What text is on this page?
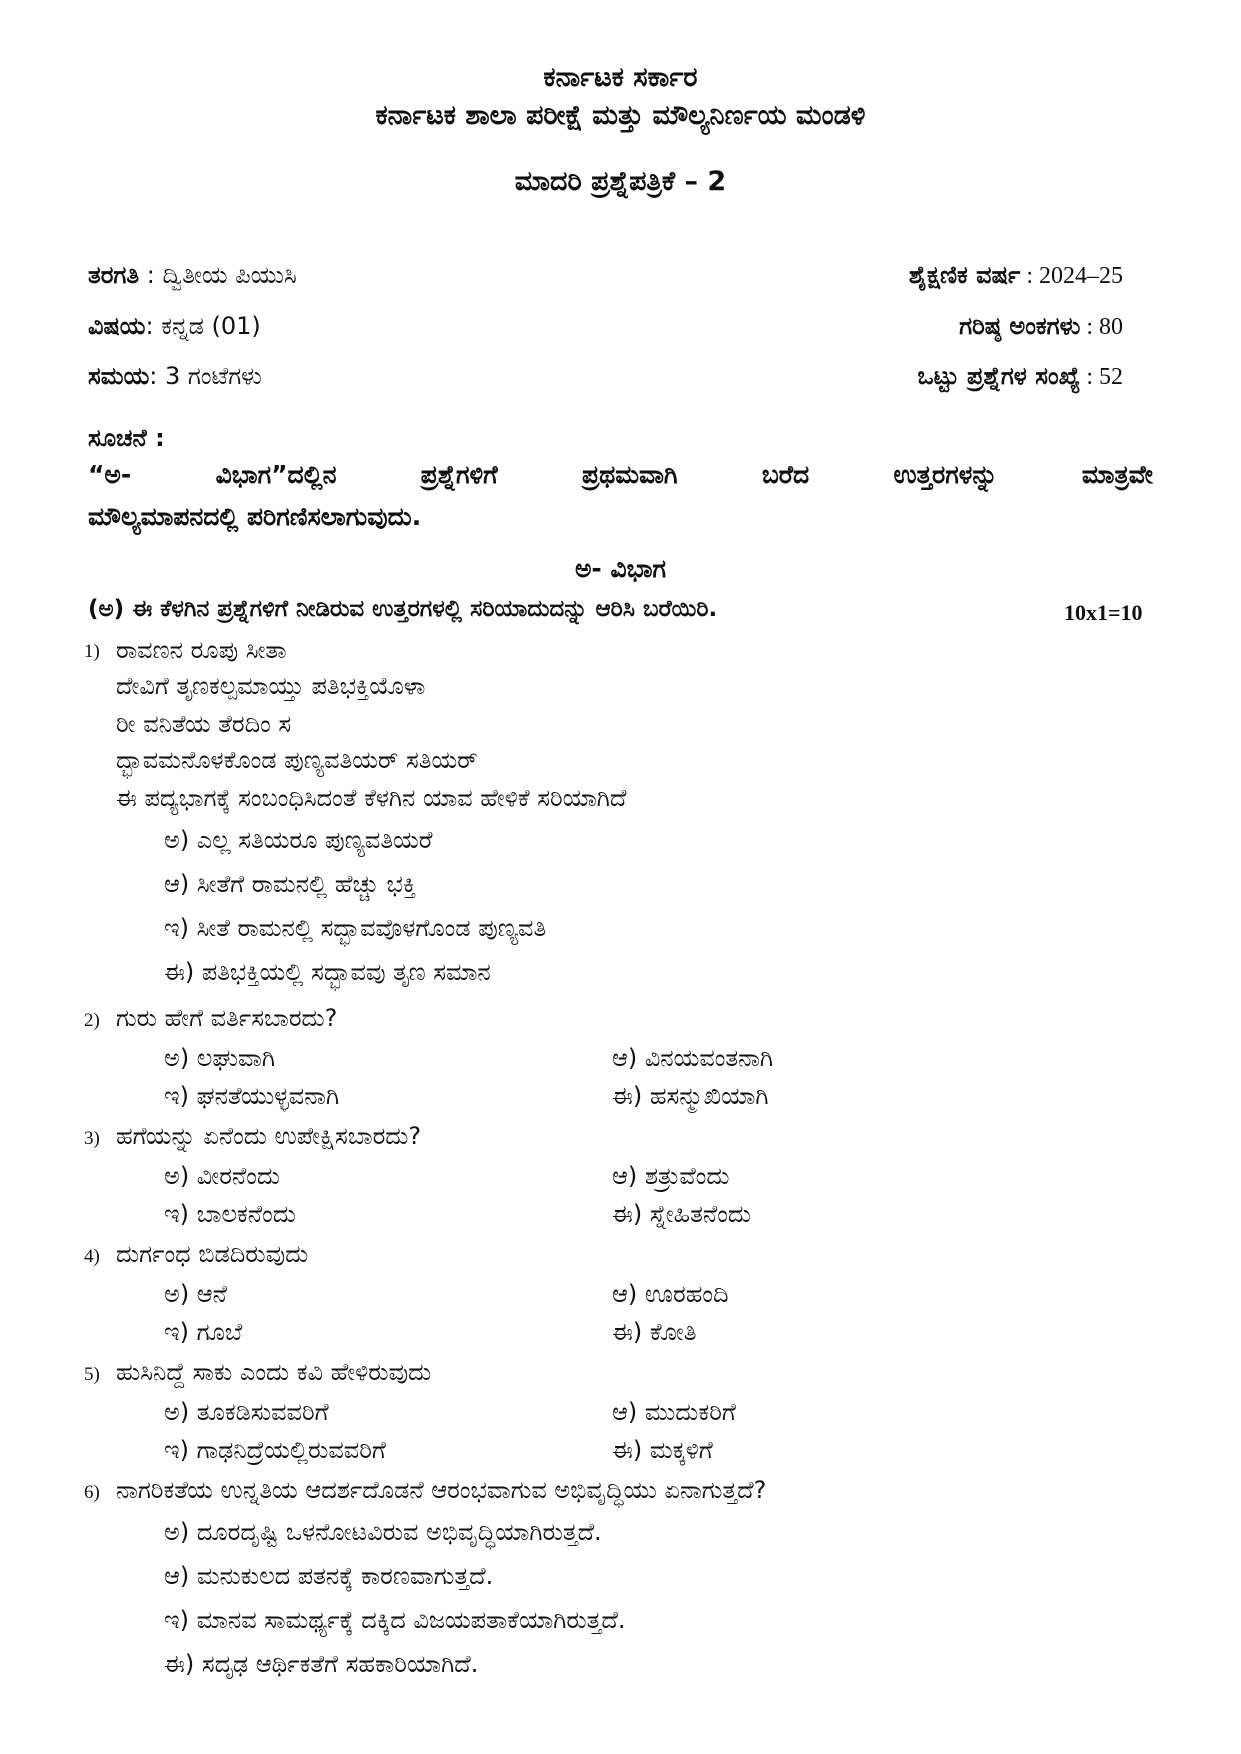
ಕರ್ನಾಟಕ ಸರ್ಕಾರ
ಕರ್ನಾಟಕ ಶಾಲಾ ಪರೀಕ್ಷೆ ಮತ್ತು ಮೌಲ್ಯನಿರ್ಣಯ ಮಂಡಳಿ
ಮಾದರಿ ಪ್ರಶ್ನೆಪತ್ರಿಕೆ – 2
ತರಗತಿ : ದ್ವಿತೀಯ ಪಿಯುಸಿ	ಶೈಕ್ಷಣಿಕ ವರ್ಷ : 2024–25
ವಿಷಯ: ಕನ್ನಡ (01)	ಗರಿಷ್ಠ ಅಂಕಗಳು : 80
ಸಮಯ: 3 ಗಂಟೆಗಳು	ಒಟ್ಟು ಪ್ರಶ್ನೆಗಳ ಸಂಖ್ಯೆ : 52
ಸೂಚನೆ :
“ಅ- ವಿಭಾಗ”ದಲ್ಲಿನ ಪ್ರಶ್ನೆಗಳಿಗೆ ಪ್ರಥಮವಾಗಿ ಬರೆದ ಉತ್ತರಗಳನ್ನು ಮಾತ್ರವೇ
ಮೌಲ್ಯಮಾಪನದಲ್ಲಿ ಪರಿಗಣಿಸಲಾಗುವುದು.
ಅ- ವಿಭಾಗ
(ಅ) ಈ ಕೆಳಗಿನ ಪ್ರಶ್ನೆಗಳಿಗೆ ನೀಡಿರುವ ಉತ್ತರಗಳಲ್ಲಿ ಸರಿಯಾದುದನ್ನು ಆರಿಸಿ ಬರೆಯಿರಿ.	10x1=10
1) ರಾವಣನ ರೂಪು ಸೀತಾ
ದೇವಿಗೆ ತೃಣಕಲ್ಪಮಾಯ್ತು ಪತಿಭಕ್ತಿಯೊಳಾ
ರೀ ವನಿತೆಯ ತೆರದಿಂ ಸ
ದ್ಭಾವಮನೊಳಕೊಂಡ ಪುಣ್ಯವತಿಯರ್ ಸತಿಯರ್
ಈ ಪದ್ಯಭಾಗಕ್ಕೆ ಸಂಬಂಧಿಸಿದಂತೆ ಕೆಳಗಿನ ಯಾವ ಹೇಳಿಕೆ ಸರಿಯಾಗಿದೆ
ಅ) ಎಲ್ಲ ಸತಿಯರೂ ಪುಣ್ಯವತಿಯರೆ
ಆ) ಸೀತೆಗೆ ರಾಮನಲ್ಲಿ ಹೆಚ್ಚು ಭಕ್ತಿ
ಇ) ಸೀತೆ ರಾಮನಲ್ಲಿ ಸದ್ಭಾವವೊಳಗೊಂಡ ಪುಣ್ಯವತಿ
ಈ) ಪತಿಭಕ್ತಿಯಲ್ಲಿ ಸದ್ಭಾವವು ತೃಣ ಸಮಾನ
2) ಗುರು ಹೇಗೆ ವರ್ತಿಸಬಾರದು?
ಅ) ಲಘುವಾಗಿ	ಆ) ವಿನಯವಂತನಾಗಿ
ಇ) ಘನತೆಯುಳ್ಳವನಾಗಿ	ಈ) ಹಸನ್ಮುಖಿಯಾಗಿ
3) ಹಗೆಯನ್ನು ಏನೆಂದು ಉಪೇಕ್ಷಿಸಬಾರದು?
ಅ) ವೀರನೆಂದು	ಆ) ಶತ್ರುವೆಂದು
ಇ) ಬಾಲಕನೆಂದು	ಈ) ಸ್ನೇಹಿತನೆಂದು
4) ದುರ್ಗಂಧ ಬಿಡದಿರುವುದು
ಅ) ಆನೆ	ಆ) ಊರಹಂದಿ
ಇ) ಗೂಬೆ	ಈ) ಕೋತಿ
5) ಹುಸಿನಿದ್ದೆ ಸಾಕು ಎಂದು ಕವಿ ಹೇಳಿರುವುದು
ಅ) ತೂಕಡಿಸುವವರಿಗೆ	ಆ) ಮುದುಕರಿಗೆ
ಇ) ಗಾಢನಿದ್ರೆಯಲ್ಲಿರುವವರಿಗೆ	ಈ) ಮಕ್ಕಳಿಗೆ
6) ನಾಗರಿಕತೆಯ ಉನ್ನತಿಯ ಆದರ್ಶದೊಡನೆ ಆರಂಭವಾಗುವ ಅಭಿವೃದ್ಧಿಯು ಏನಾಗುತ್ತದೆ?
ಅ) ದೂರದೃಷ್ಟಿ ಒಳನೋಟವಿರುವ ಅಭಿವೃದ್ಧಿಯಾಗಿರುತ್ತದೆ.
ಆ) ಮನುಕುಲದ ಪತನಕ್ಕೆ ಕಾರಣವಾಗುತ್ತದೆ.
ಇ) ಮಾನವ ಸಾಮರ್ಥ್ಯಕ್ಕೆ ದಕ್ಕಿದ ವಿಜಯಪತಾಕೆಯಾಗಿರುತ್ತದೆ.
ಈ) ಸದೃಢ ಆರ್ಥಿಕತೆಗೆ ಸಹಕಾರಿಯಾಗಿದೆ.
